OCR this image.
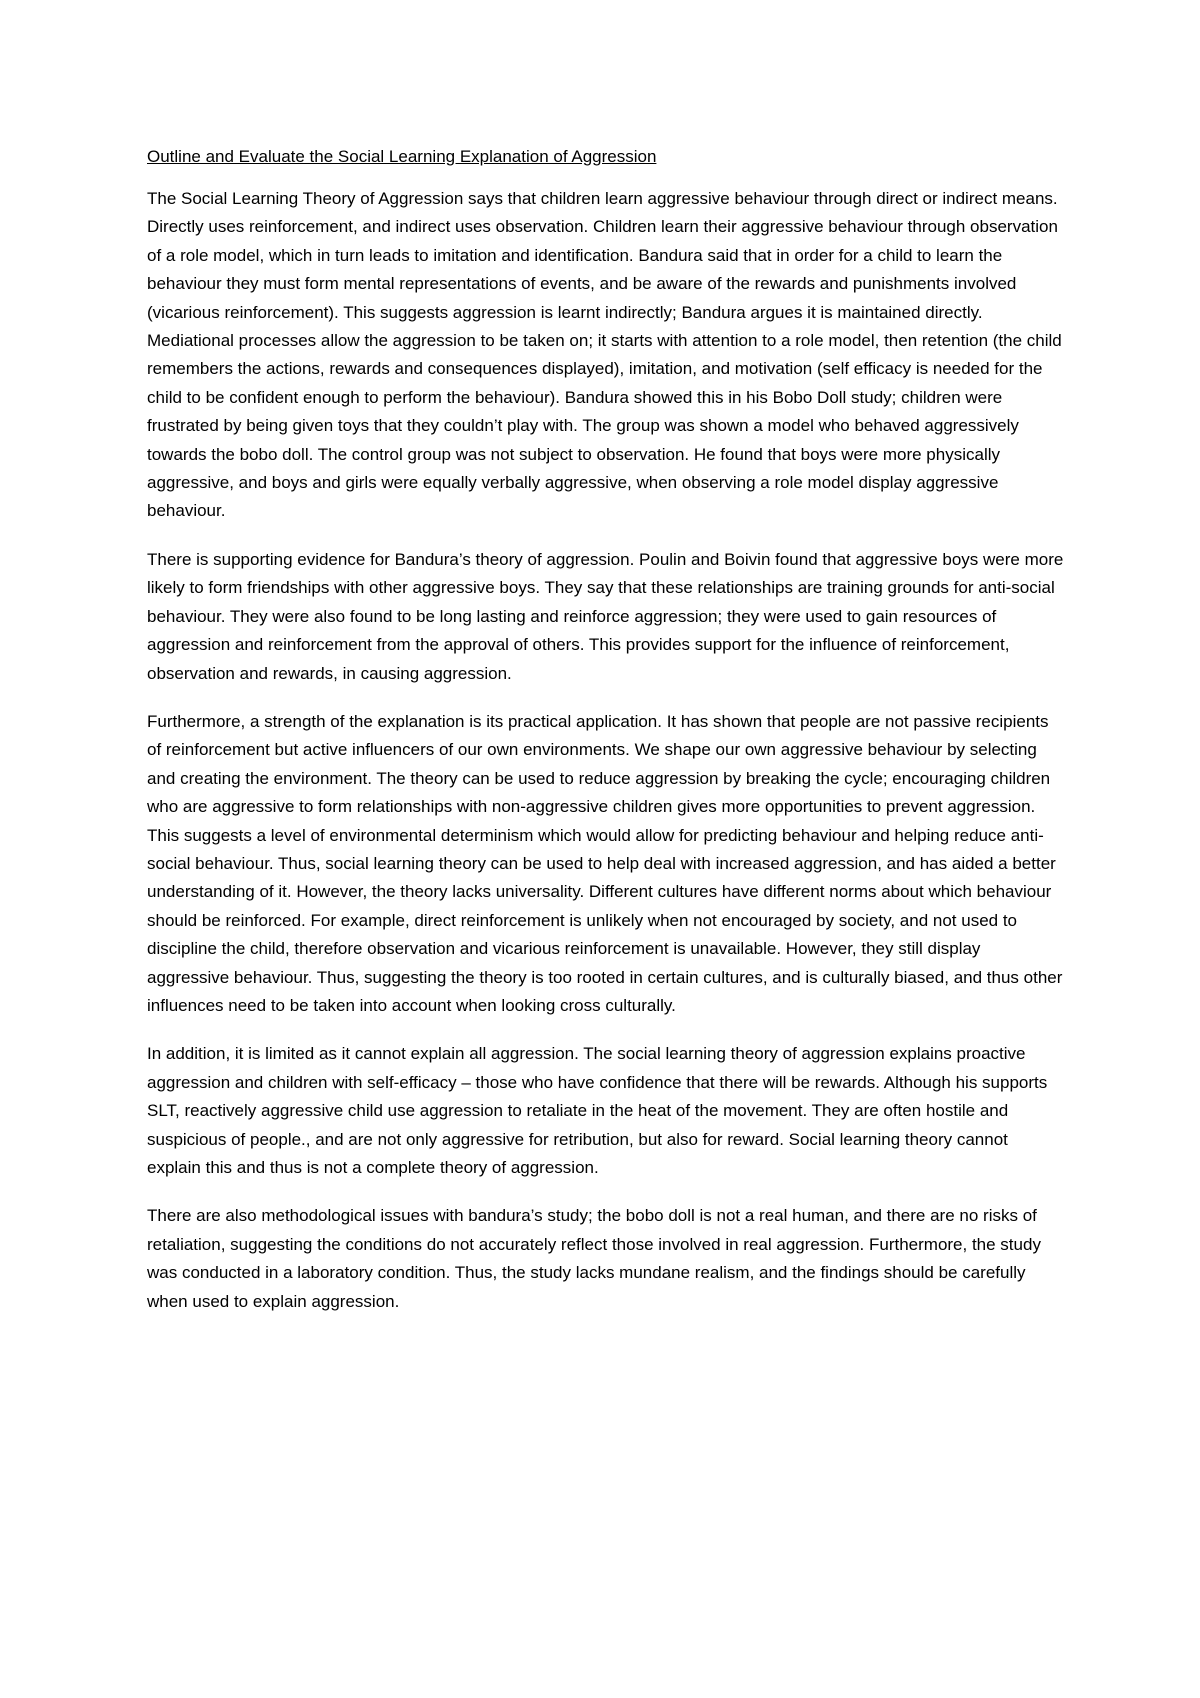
Outline and Evaluate the Social Learning Explanation of Aggression

The Social Learning Theory of Aggression says that children learn aggressive behaviour through direct or indirect means. Directly uses reinforcement, and indirect uses observation. Children learn their aggressive behaviour through observation of a role model, which in turn leads to imitation and identification. Bandura said that in order for a child to learn the behaviour they must form mental representations of events, and be aware of the rewards and punishments involved (vicarious reinforcement). This suggests aggression is learnt indirectly; Bandura argues it is maintained directly. Mediational processes allow the aggression to be taken on; it starts with attention to a role model, then retention (the child remembers the actions, rewards and consequences displayed), imitation, and motivation (self efficacy is needed for the child to be confident enough to perform the behaviour). Bandura showed this in his Bobo Doll study; children were frustrated by being given toys that they couldn’t play with. The group was shown a model who behaved aggressively towards the bobo doll. The control group was not subject to observation. He found that boys were more physically aggressive, and boys and girls were equally verbally aggressive, when observing a role model display aggressive behaviour.

There is supporting evidence for Bandura’s theory of aggression. Poulin and Boivin found that aggressive boys were more likely to form friendships with other aggressive boys. They say that these relationships are training grounds for anti-social behaviour. They were also found to be long lasting and reinforce aggression; they were used to gain resources of aggression and reinforcement from the approval of others. This provides support for the influence of reinforcement, observation and rewards, in causing aggression.

Furthermore, a strength of the explanation is its practical application. It has shown that people are not passive recipients of reinforcement but active influencers of our own environments. We shape our own aggressive behaviour by selecting and creating the environment. The theory can be used to reduce aggression by breaking the cycle; encouraging children who are aggressive to form relationships with non-aggressive children gives more opportunities to prevent aggression. This suggests a level of environmental determinism which would allow for predicting behaviour and helping reduce anti-social behaviour. Thus, social learning theory can be used to help deal with increased aggression, and has aided a better understanding of it. However, the theory lacks universality. Different cultures have different norms about which behaviour should be reinforced. For example, direct reinforcement is unlikely when not encouraged by society, and not used to discipline the child, therefore observation and vicarious reinforcement is unavailable. However, they still display aggressive behaviour. Thus, suggesting the theory is too rooted in certain cultures, and is culturally biased, and thus other influences need to be taken into account when looking cross culturally.

In addition, it is limited as it cannot explain all aggression. The social learning theory of aggression explains proactive aggression and children with self-efficacy – those who have confidence that there will be rewards. Although his supports SLT, reactively aggressive child use aggression to retaliate in the heat of the movement. They are often hostile and suspicious of people., and are not only aggressive for retribution, but also for reward. Social learning theory cannot explain this and thus is not a complete theory of aggression.

There are also methodological issues with bandura’s study; the bobo doll is not a real human, and there are no risks of retaliation, suggesting the conditions do not accurately reflect those involved in real aggression. Furthermore, the study was conducted in a laboratory condition. Thus, the study lacks mundane realism, and the findings should be carefully when used to explain aggression.
